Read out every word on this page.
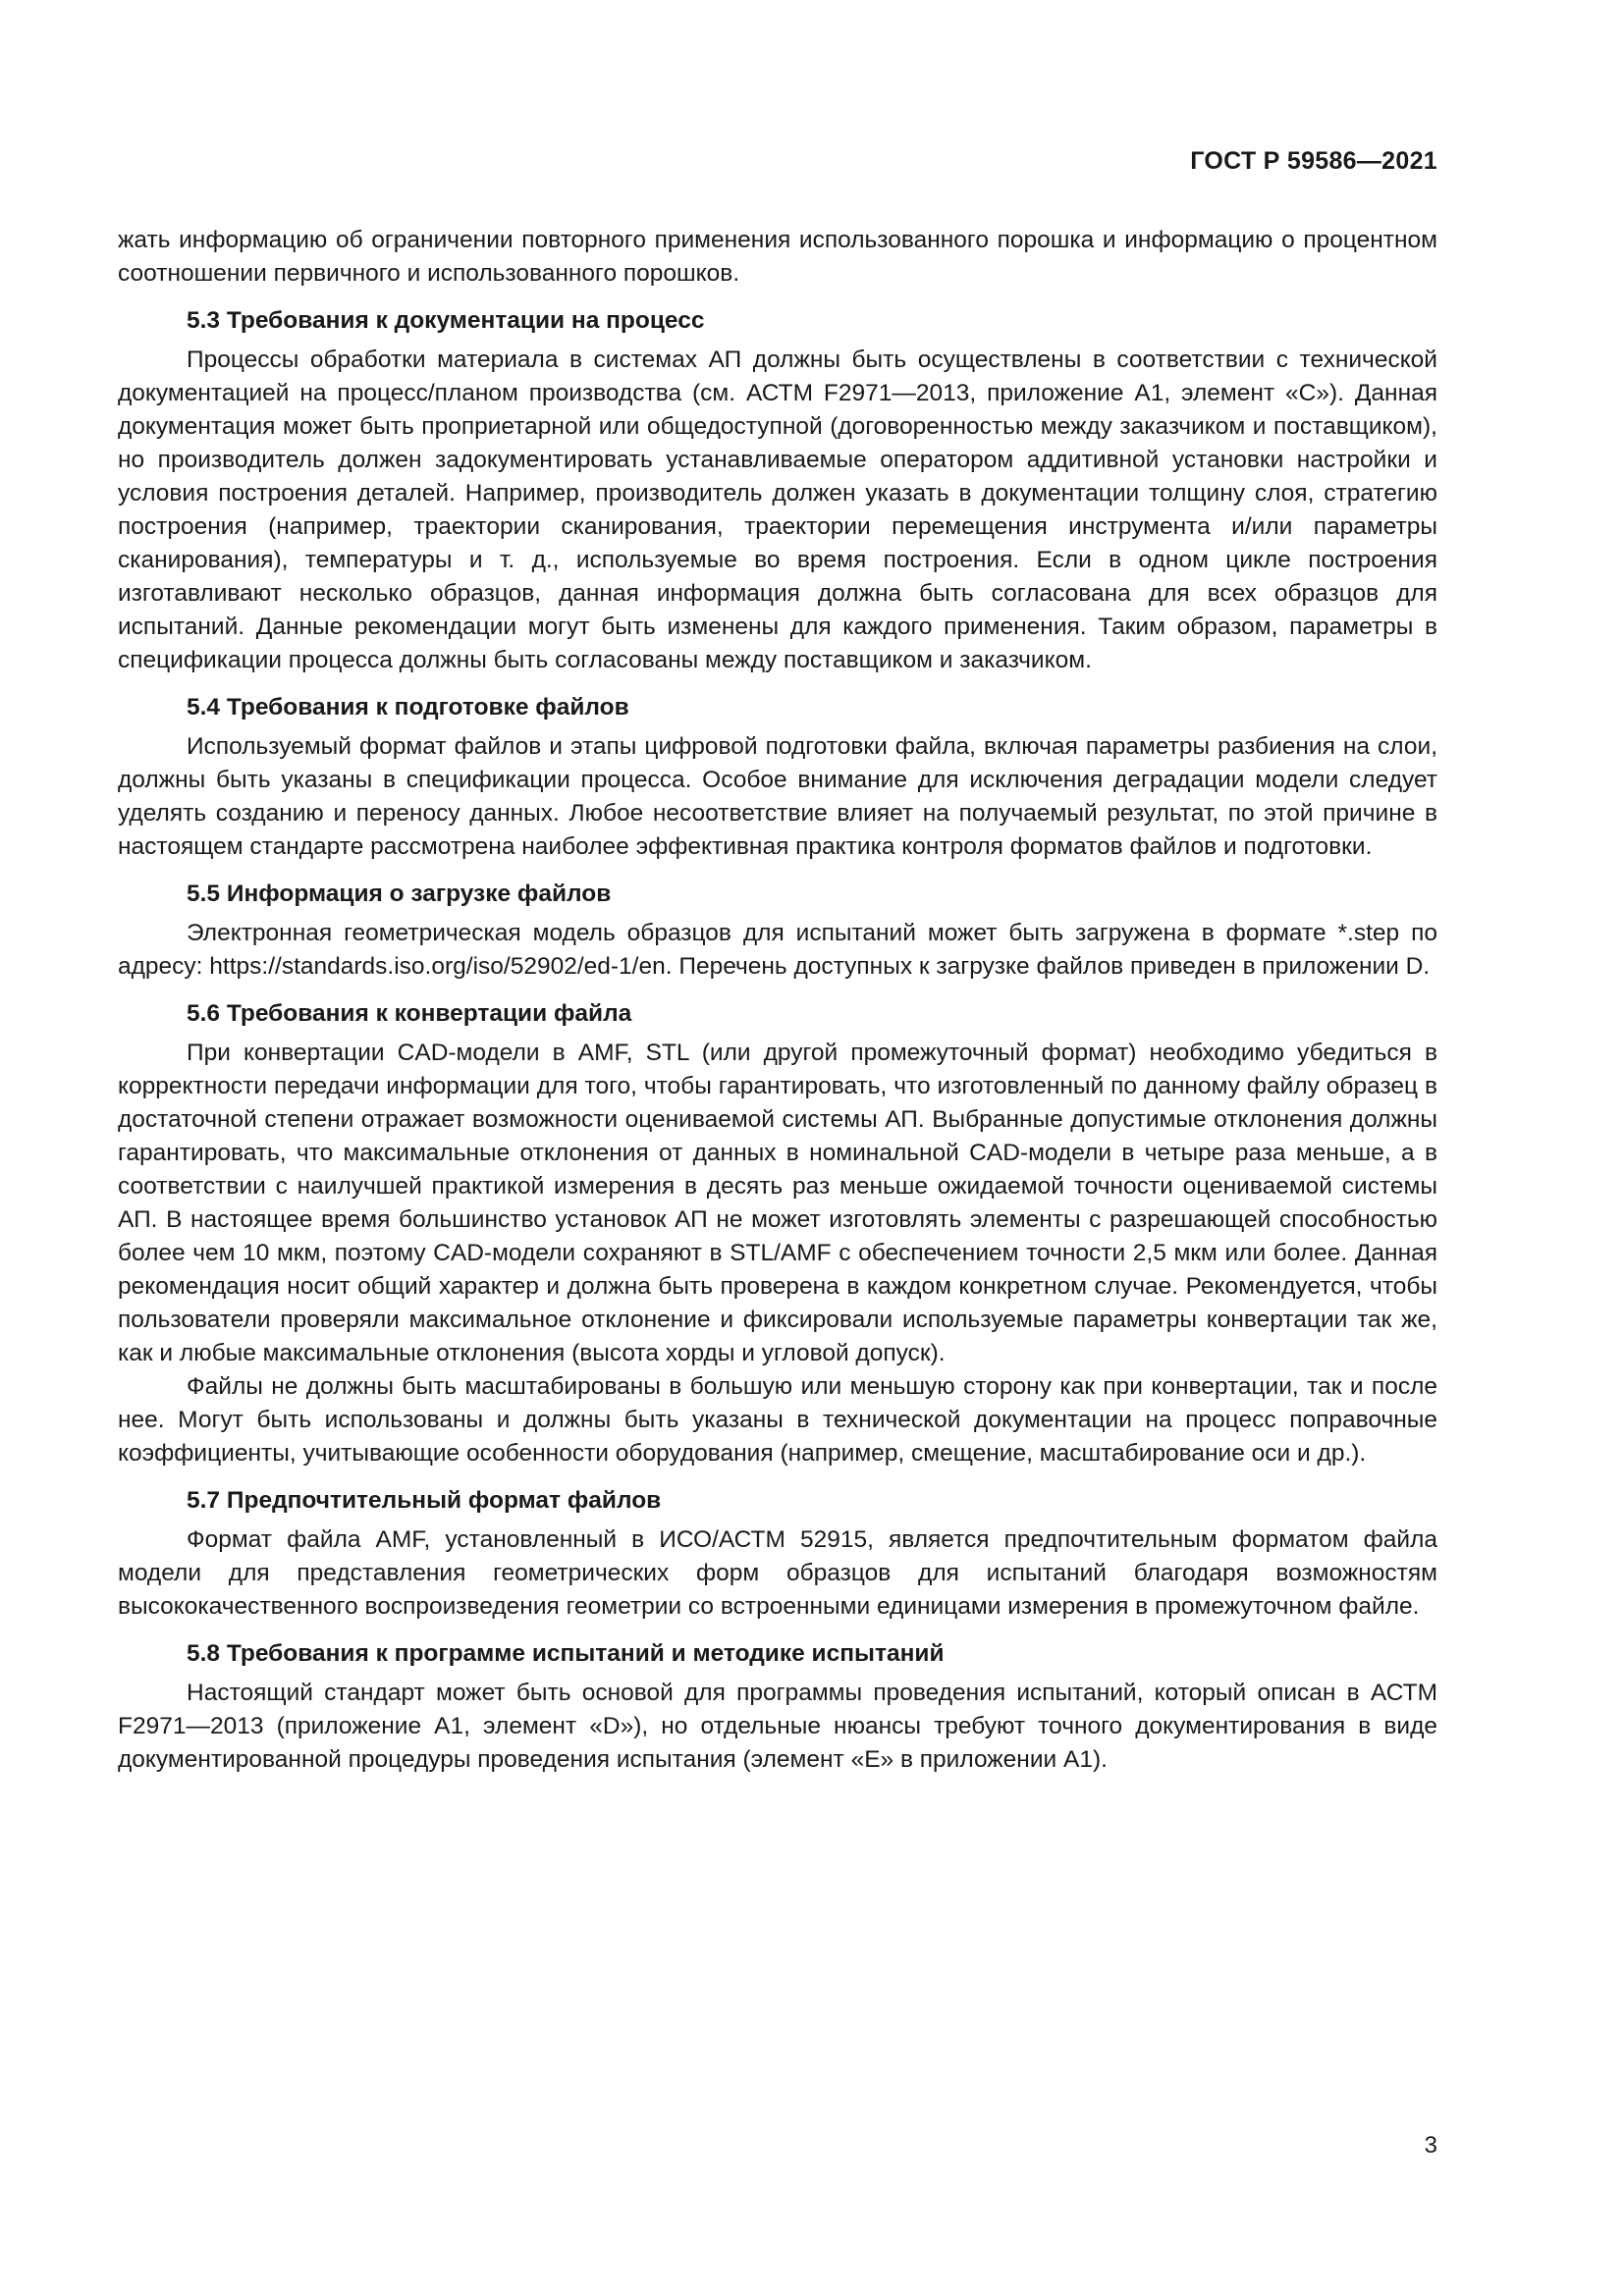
ГОСТ Р 59586—2021

жать информацию об ограничении повторного применения использованного порошка и информацию о процентном соотношении первичного и использованного порошков.

5.3 Требования к документации на процесс

Процессы обработки материала в системах АП должны быть осуществлены в соответствии с технической документацией на процесс/планом производства (см. АСТМ F2971—2013, приложение А1, элемент «С»). Данная документация может быть проприетарной или общедоступной (договоренностью между заказчиком и поставщиком), но производитель должен задокументировать устанавливаемые оператором аддитивной установки настройки и условия построения деталей. Например, производитель должен указать в документации толщину слоя, стратегию построения (например, траектории сканирования, траектории перемещения инструмента и/или параметры сканирования), температуры и т. д., используемые во время построения. Если в одном цикле построения изготавливают несколько образцов, данная информация должна быть согласована для всех образцов для испытаний. Данные рекомендации могут быть изменены для каждого применения. Таким образом, параметры в спецификации процесса должны быть согласованы между поставщиком и заказчиком.

5.4 Требования к подготовке файлов

Используемый формат файлов и этапы цифровой подготовки файла, включая параметры разбиения на слои, должны быть указаны в спецификации процесса. Особое внимание для исключения деградации модели следует уделять созданию и переносу данных. Любое несоответствие влияет на получаемый результат, по этой причине в настоящем стандарте рассмотрена наиболее эффективная практика контроля форматов файлов и подготовки.

5.5 Информация о загрузке файлов

Электронная геометрическая модель образцов для испытаний может быть загружена в формате *.step по адресу: https://standards.iso.org/iso/52902/ed-1/en. Перечень доступных к загрузке файлов приведен в приложении D.

5.6 Требования к конвертации файла

При конвертации CAD-модели в AMF, STL (или другой промежуточный формат) необходимо убедиться в корректности передачи информации для того, чтобы гарантировать, что изготовленный по данному файлу образец в достаточной степени отражает возможности оцениваемой системы АП. Выбранные допустимые отклонения должны гарантировать, что максимальные отклонения от данных в номинальной CAD-модели в четыре раза меньше, а в соответствии с наилучшей практикой измерения в десять раз меньше ожидаемой точности оцениваемой системы АП. В настоящее время большинство установок АП не может изготовлять элементы с разрешающей способностью более чем 10 мкм, поэтому CAD-модели сохраняют в STL/AMF с обеспечением точности 2,5 мкм или более. Данная рекомендация носит общий характер и должна быть проверена в каждом конкретном случае. Рекомендуется, чтобы пользователи проверяли максимальное отклонение и фиксировали используемые параметры конвертации так же, как и любые максимальные отклонения (высота хорды и угловой допуск).

Файлы не должны быть масштабированы в большую или меньшую сторону как при конвертации, так и после нее. Могут быть использованы и должны быть указаны в технической документации на процесс поправочные коэффициенты, учитывающие особенности оборудования (например, смещение, масштабирование оси и др.).

5.7 Предпочтительный формат файлов

Формат файла AMF, установленный в ИСО/АСТМ 52915, является предпочтительным форматом файла модели для представления геометрических форм образцов для испытаний благодаря возможностям высококачественного воспроизведения геометрии со встроенными единицами измерения в промежуточном файле.

5.8 Требования к программе испытаний и методике испытаний

Настоящий стандарт может быть основой для программы проведения испытаний, который описан в АСТМ F2971—2013 (приложение А1, элемент «D»), но отдельные нюансы требуют точного документирования в виде документированной процедуры проведения испытания (элемент «Е» в приложении А1).

3
